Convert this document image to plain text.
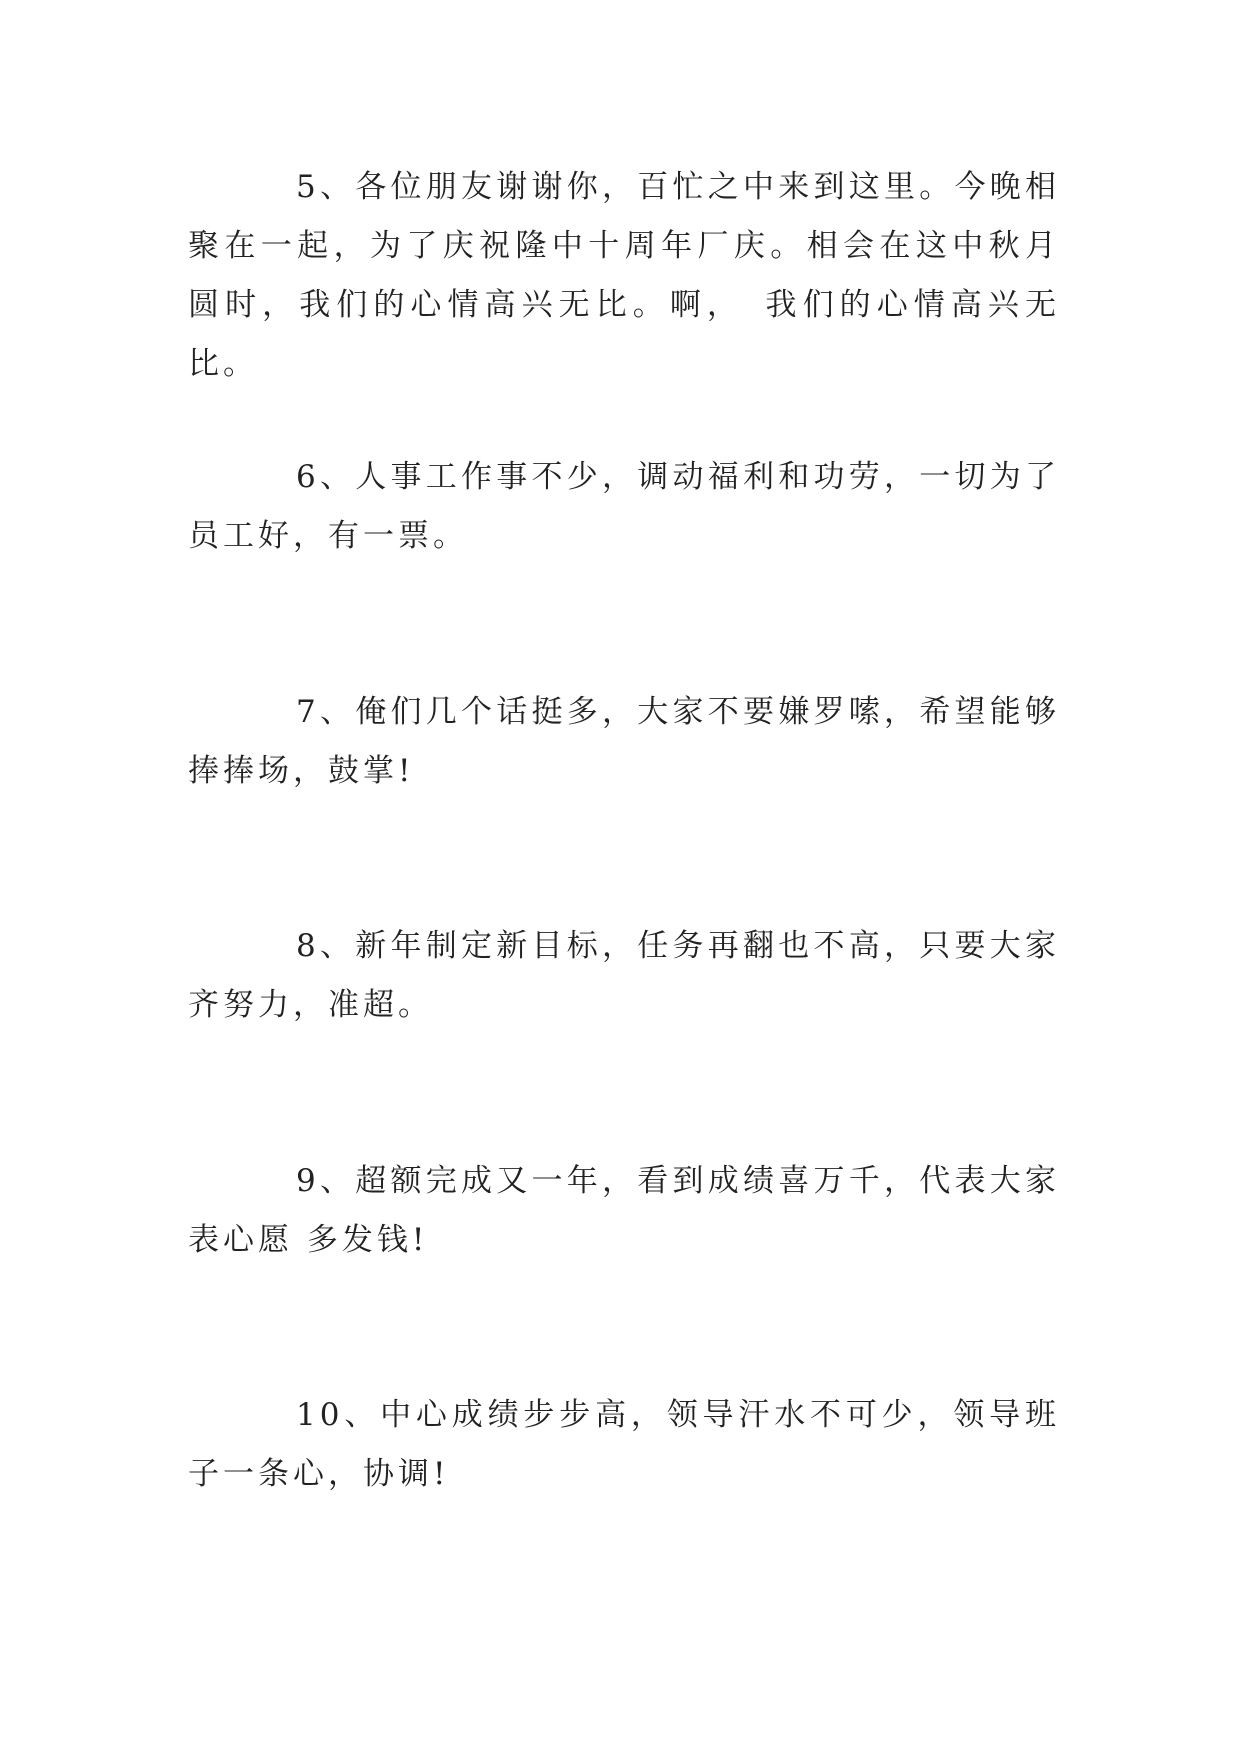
5、各位朋友谢谢你，百忙之中来到这里。今晚相聚在一起，为了庆祝隆中十周年厂庆。相会在这中秋月圆时，我们的心情高兴无比。啊，　我们的心情高兴无比。

6、人事工作事不少，调动福利和功劳，一切为了员工好，有一票。

7、俺们几个话挺多，大家不要嫌罗嗦，希望能够捧捧场，鼓掌!

8、新年制定新目标，任务再翻也不高，只要大家齐努力，准超。

9、超额完成又一年，看到成绩喜万千，代表大家表心愿 多发钱!

10、中心成绩步步高，领导汗水不可少，领导班子一条心，协调!
